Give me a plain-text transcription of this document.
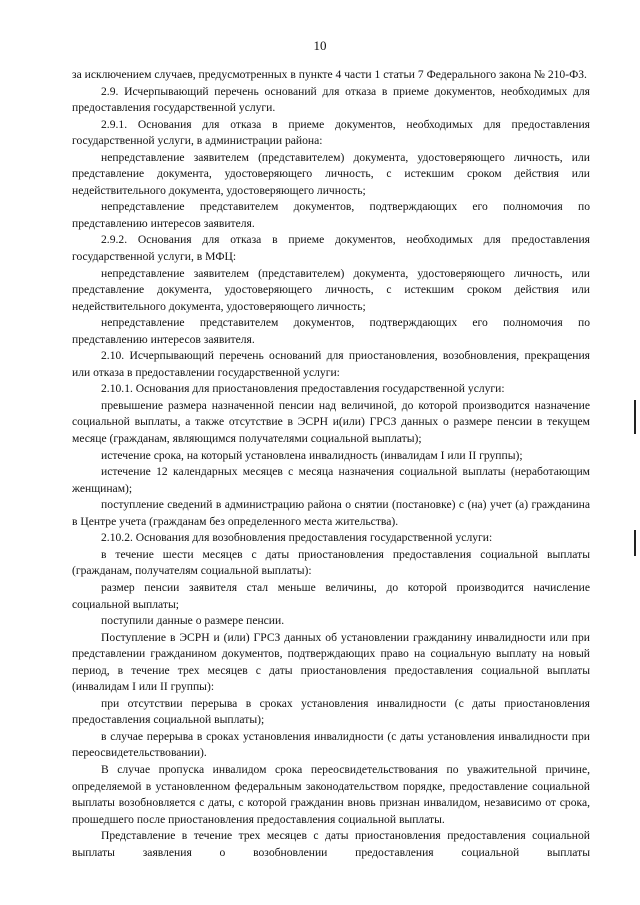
10

за исключением случаев, предусмотренных в пункте 4 части 1 статьи 7 Федерального закона № 210-ФЗ.

2.9. Исчерпывающий перечень оснований для отказа в приеме документов, необходимых для предоставления государственной услуги.

2.9.1. Основания для отказа в приеме документов, необходимых для предоставления государственной услуги, в администрации района:

непредставление заявителем (представителем) документа, удостоверяющего личность, или представление документа, удостоверяющего личность, с истекшим сроком действия или недействительного документа, удостоверяющего личность;

непредставление представителем документов, подтверждающих его полномочия по представлению интересов заявителя.

2.9.2. Основания для отказа в приеме документов, необходимых для предоставления государственной услуги, в МФЦ:

непредставление заявителем (представителем) документа, удостоверяющего личность, или представление документа, удостоверяющего личность, с истекшим сроком действия или недействительного документа, удостоверяющего личность;

непредставление представителем документов, подтверждающих его полномочия по представлению интересов заявителя.

2.10. Исчерпывающий перечень оснований для приостановления, возобновления, прекращения или отказа в предоставлении государственной услуги:

2.10.1. Основания для приостановления предоставления государственной услуги:

превышение размера назначенной пенсии над величиной, до которой производится назначение социальной выплаты, а также отсутствие в ЭСРН и(или) ГРСЗ данных о размере пенсии в текущем месяце (гражданам, являющимся получателями социальной выплаты);

истечение срока, на который установлена инвалидность (инвалидам I или II группы);

истечение 12 календарных месяцев с месяца назначения социальной выплаты (неработающим женщинам);

поступление сведений в администрацию района о снятии (постановке) с (на) учет (а) гражданина в Центре учета (гражданам без определенного места жительства).

2.10.2. Основания для возобновления предоставления государственной услуги:

в течение шести месяцев с даты приостановления предоставления социальной выплаты (гражданам, получателям социальной выплаты):

размер пенсии заявителя стал меньше величины, до которой производится начисление социальной выплаты;

поступили данные о размере пенсии.

Поступление в ЭСРН и (или) ГРСЗ данных об установлении гражданину инвалидности или при представлении гражданином документов, подтверждающих право на социальную выплату на новый период, в течение трех месяцев с даты приостановления предоставления социальной выплаты (инвалидам I или II группы):

при отсутствии перерыва в сроках установления инвалидности (с даты приостановления предоставления социальной выплаты);

в случае перерыва в сроках установления инвалидности (с даты установления инвалидности при переосвидетельствовании).

В случае пропуска инвалидом срока переосвидетельствования по уважительной причине, определяемой в установленном федеральным законодательством порядке, предоставление социальной выплаты возобновляется с даты, с которой гражданин вновь признан инвалидом, независимо от срока, прошедшего после приостановления предоставления социальной выплаты.

Представление в течение трех месяцев с даты приостановления предоставления социальной выплаты заявления о возобновлении предоставления социальной выплаты
